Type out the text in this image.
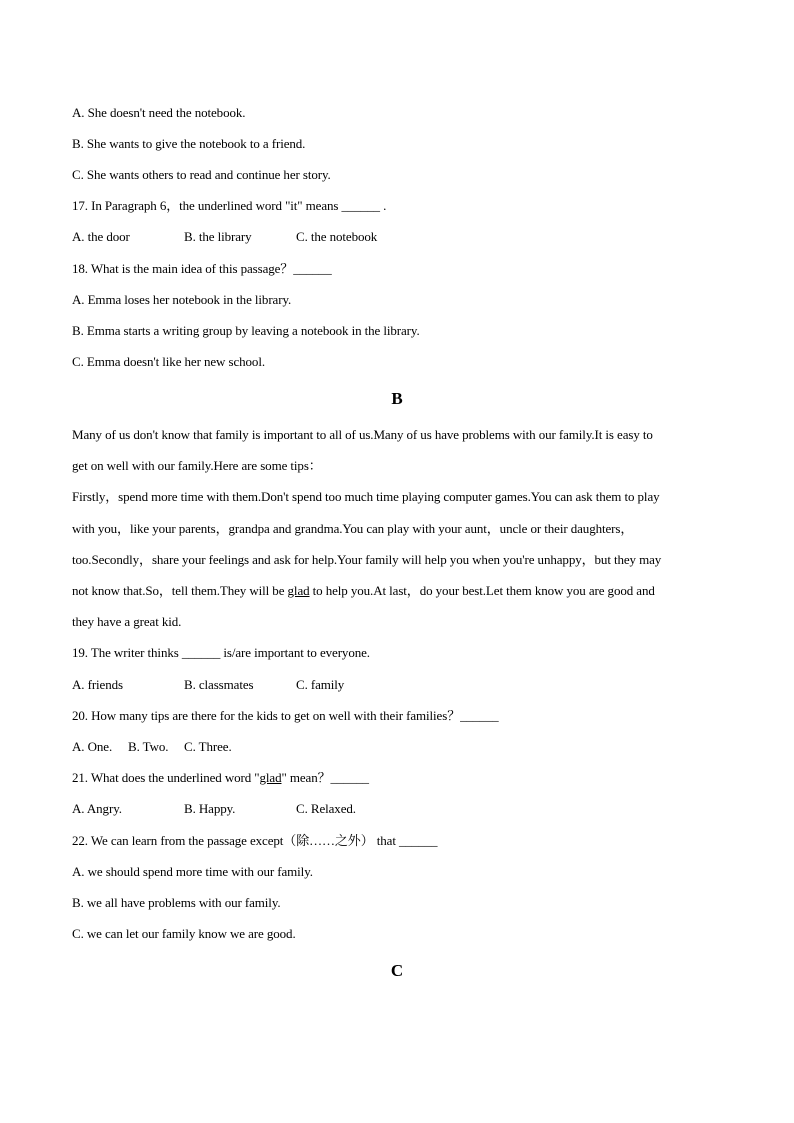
A. She doesn't need the notebook.
B. She wants to give the notebook to a friend.
C. She wants others to read and continue her story.
17. In Paragraph 6，the underlined word "it" means ______ .
A. the door	B. the library	C. the notebook
18. What is the main idea of this passage？______
A. Emma loses her notebook in the library.
B. Emma starts a writing group by leaving a notebook in the library.
C. Emma doesn't like her new school.
B
Many of us don't know that family is important to all of us.Many of us have problems with our family.It is easy to
get on well with our family.Here are some tips：
Firstly，spend more time with them.Don't spend too much time playing computer games.You can ask them to play
with you，like your parents，grandpa and grandma.You can play with your aunt，uncle or their daughters，
too.Secondly，share your feelings and ask for help.Your family will help you when you're unhappy，but they may
not know that.So，tell them.They will be glad to help you.At last，do your best.Let them know you are good and
they have a great kid.
19. The writer thinks ______ is/are important to everyone.
A. friends	B. classmates	C. family
20. How many tips are there for the kids to get on well with their families？______
A. One. B. Two. C. Three.
21. What does the underlined word "glad" mean？______
A. Angry.	B. Happy.	C. Relaxed.
22. We can learn from the passage except（除……之外） that ______
A. we should spend more time with our family.
B. we all have problems with our family.
C. we can let our family know we are good.
C
